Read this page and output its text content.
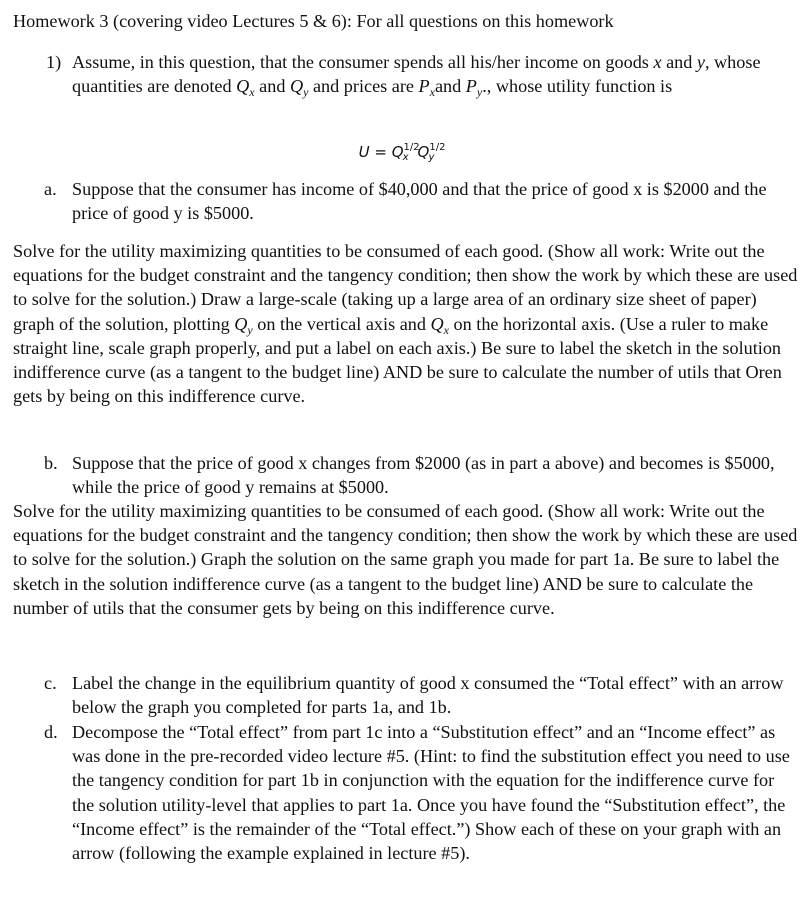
Homework 3 (covering video Lectures 5 & 6): For all questions on this homework
1) Assume, in this question, that the consumer spends all his/her income on goods x and y, whose quantities are denoted $Q_x$ and $Q_y$ and prices are $P_xand$ $P_y$., whose utility function is
$U = Q^{1/2}_x$ $Q^{1/2}_y$
a. Suppose that the consumer has income of $40,000 and that the price of good x is $2000 and the price of good y is $5000.
Solve for the utility maximizing quantities to be consumed of each good. (Show all work: Write out the equations for the budget constraint and the tangency condition; then show the work by which these are used to solve for the solution.) Draw a large-scale (taking up a large area of an ordinary size sheet of paper) graph of the solution, plotting $Q_y$ on the vertical axis and $Q_x$ on the horizontal axis. (Use a ruler to make straight line, scale graph properly, and put a label on each axis.) Be sure to label the sketch in the solution indifference curve (as a tangent to the budget line) AND be sure to calculate the number of utils that Oren gets by being on this indifference curve.
b. Suppose that the price of good x changes from $2000 (as in part a above) and becomes is $5000, while the price of good y remains at $5000.
Solve for the utility maximizing quantities to be consumed of each good. (Show all work: Write out the equations for the budget constraint and the tangency condition; then show the work by which these are used to solve for the solution.) Graph the solution on the same graph you made for part 1a. Be sure to label the sketch in the solution indifference curve (as a tangent to the budget line) AND be sure to calculate the number of utils that the consumer gets by being on this indifference curve.
c. Label the change in the equilibrium quantity of good x consumed the “Total effect” with an arrow below the graph you completed for parts 1a, and 1b.
d. Decompose the “Total effect” from part 1c into a “Substitution effect” and an “Income effect” as was done in the pre-recorded video lecture #5. (Hint: to find the substitution effect you need to use the tangency condition for part 1b in conjunction with the equation for the indifference curve for the solution utility-level that applies to part 1a. Once you have found the “Substitution effect”, the “Income effect” is the remainder of the “Total effect.”) Show each of these on your graph with an arrow (following the example explained in lecture #5).
